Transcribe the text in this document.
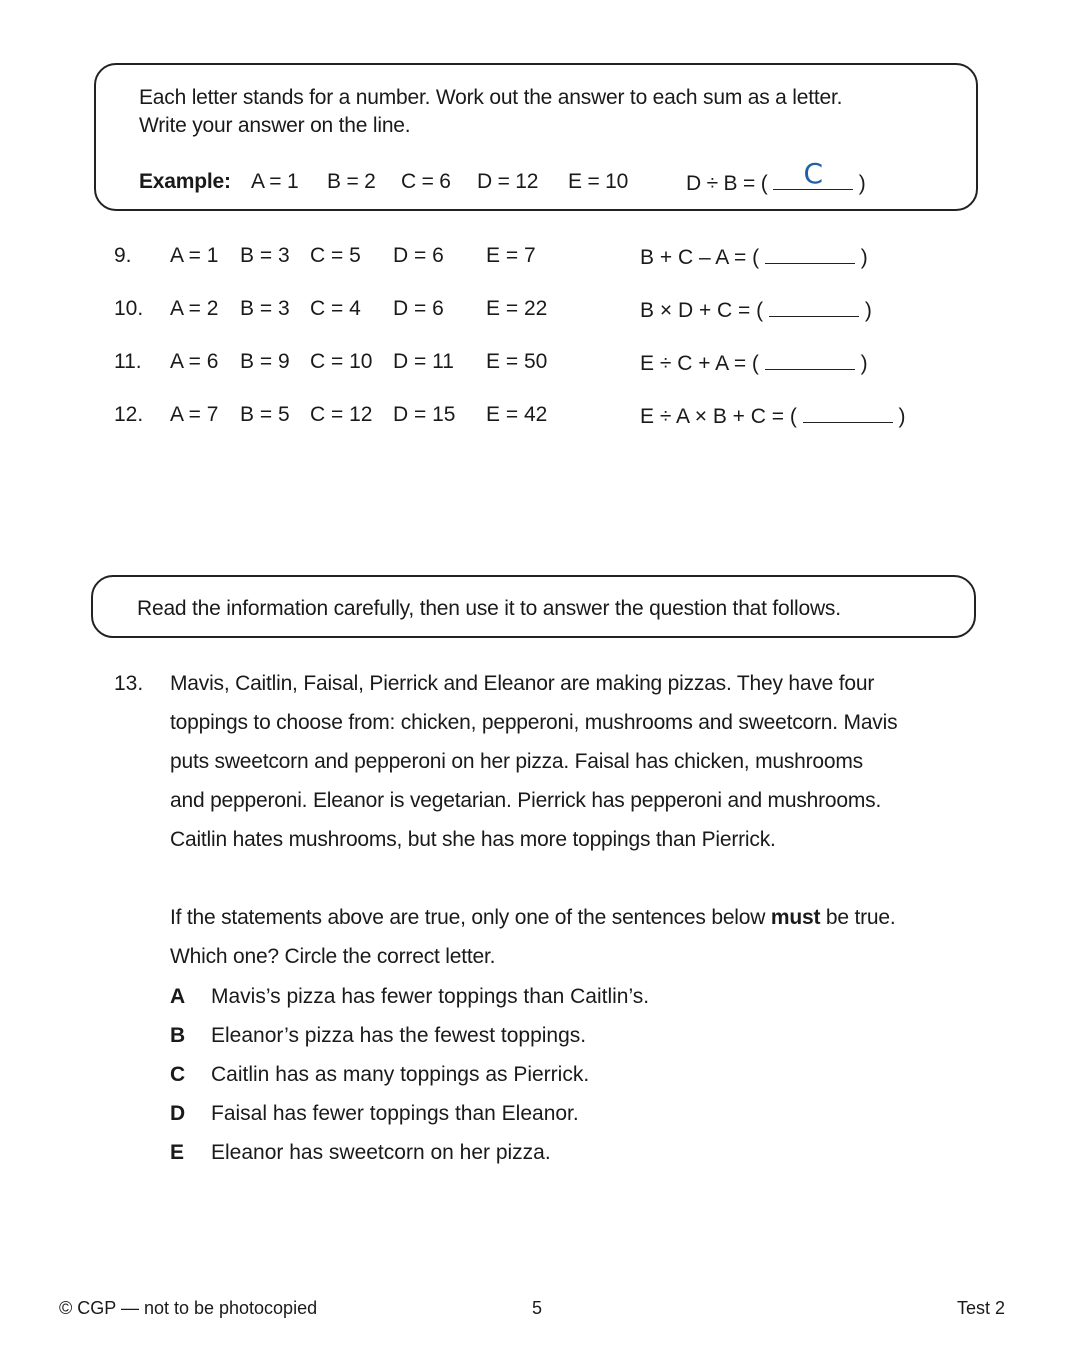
Each letter stands for a number. Work out the answer to each sum as a letter.
Write your answer on the line.
Example: A = 1 B = 2 C = 6 D = 12 E = 10	D ÷ B = (	C	)
9. A = 1 B = 3 C = 5 D = 6 E = 7	B + C – A = (	)
10. A = 2 B = 3 C = 4 D = 6 E = 22	B × D + C = (	)
11. A = 6 B = 9 C = 10 D = 11 E = 50	E ÷ C + A = (	)
12. A = 7 B = 5 C = 12 D = 15 E = 42	E ÷ A × B + C = (	)
Read the information carefully, then use it to answer the question that follows.
13. Mavis, Caitlin, Faisal, Pierrick and Eleanor are making pizzas. They have four
toppings to choose from: chicken, pepperoni, mushrooms and sweetcorn. Mavis
puts sweetcorn and pepperoni on her pizza. Faisal has chicken, mushrooms
and pepperoni. Eleanor is vegetarian. Pierrick has pepperoni and mushrooms.
Caitlin hates mushrooms, but she has more toppings than Pierrick.
If the statements above are true, only one of the sentences below must be true.
Which one? Circle the correct letter.
A Mavis’s pizza has fewer toppings than Caitlin’s.
B Eleanor’s pizza has the fewest toppings.
C Caitlin has as many toppings as Pierrick.
D Faisal has fewer toppings than Eleanor.
E Eleanor has sweetcorn on her pizza.
© CGP — not to be photocopied	5	Test 2
